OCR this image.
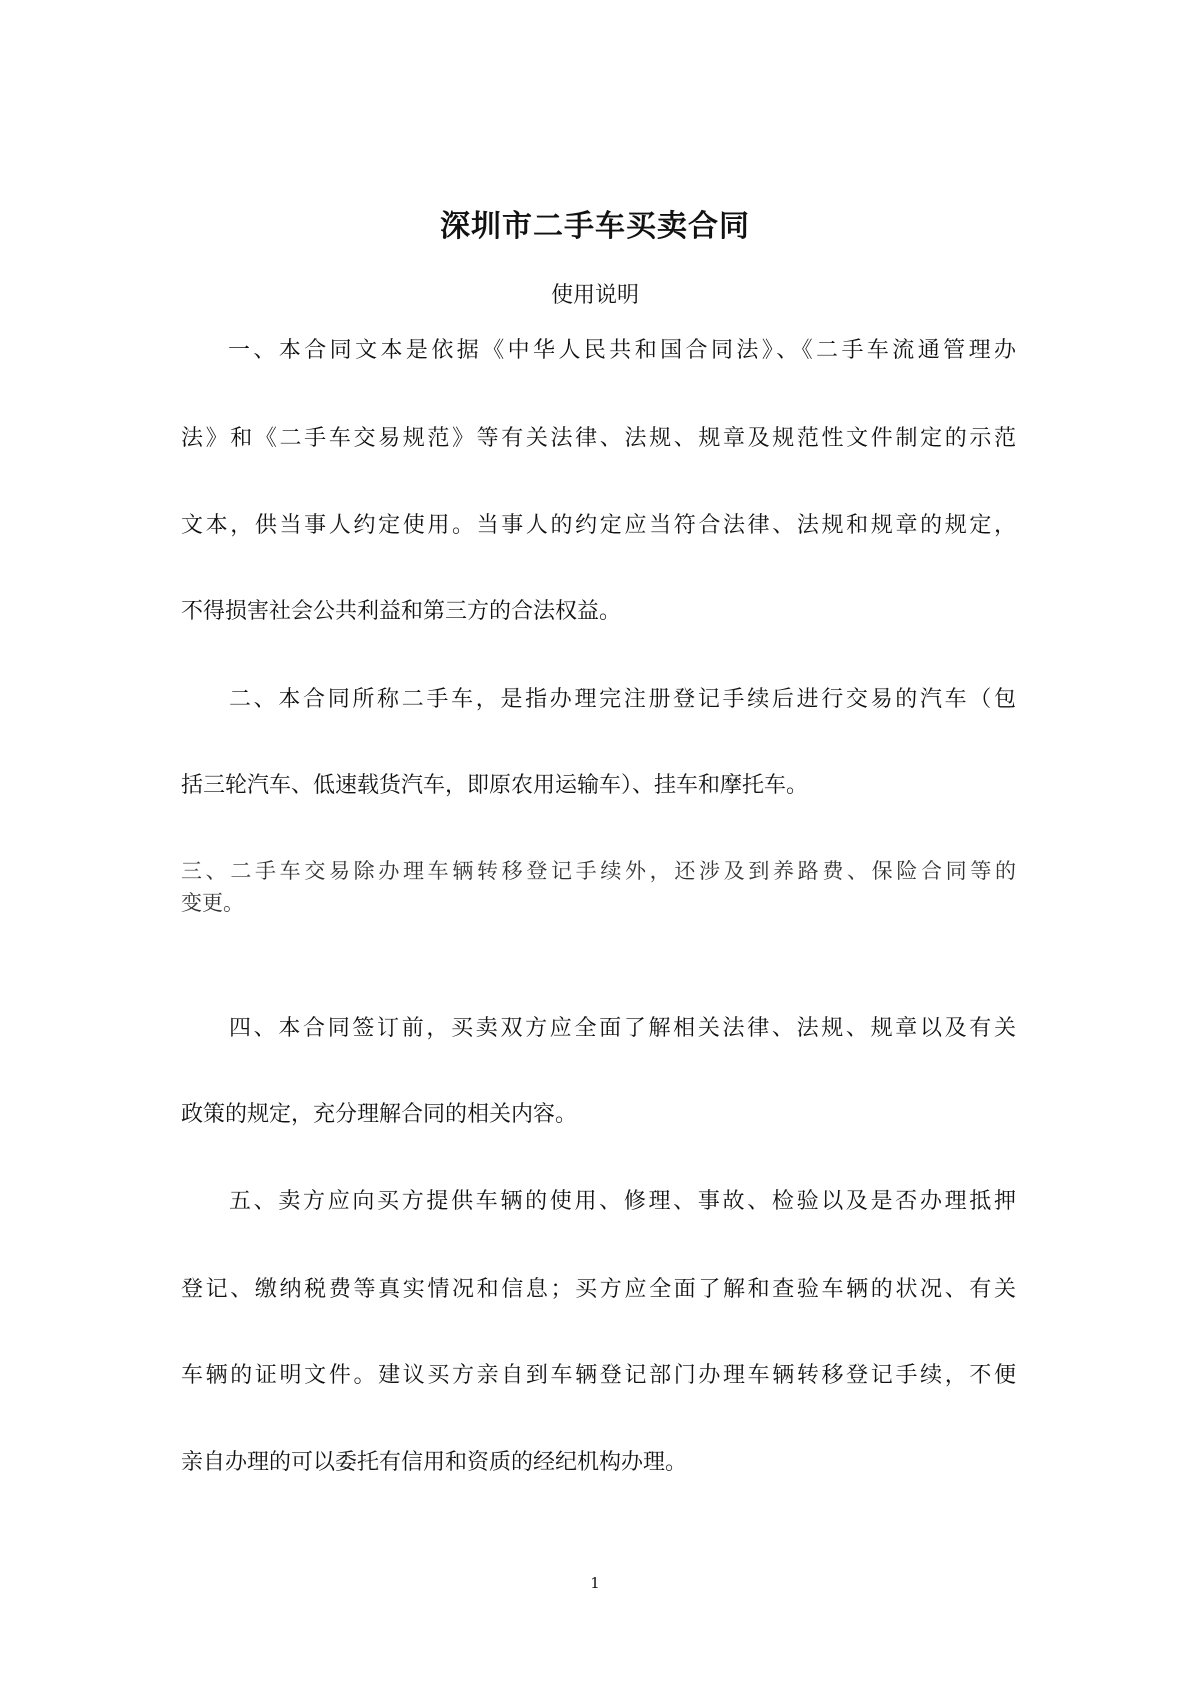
深圳市二手车买卖合同
使用说明
一、本合同文本是依据《中华人民共和国合同法》、《二手车流通管理办
法》和《二手车交易规范》等有关法律、法规、规章及规范性文件制定的示范
文本，供当事人约定使用。当事人的约定应当符合法律、法规和规章的规定，
不得损害社会公共利益和第三方的合法权益。
二、本合同所称二手车，是指办理完注册登记手续后进行交易的汽车（包
括三轮汽车、低速载货汽车，即原农用运输车）、挂车和摩托车。
三、二手车交易除办理车辆转移登记手续外，还涉及到养路费、保险合同等的
变更。
四、本合同签订前，买卖双方应全面了解相关法律、法规、规章以及有关
政策的规定，充分理解合同的相关内容。
五、卖方应向买方提供车辆的使用、修理、事故、检验以及是否办理抵押
登记、缴纳税费等真实情况和信息；买方应全面了解和查验车辆的状况、有关
车辆的证明文件。建议买方亲自到车辆登记部门办理车辆转移登记手续，不便
亲自办理的可以委托有信用和资质的经纪机构办理。
1
